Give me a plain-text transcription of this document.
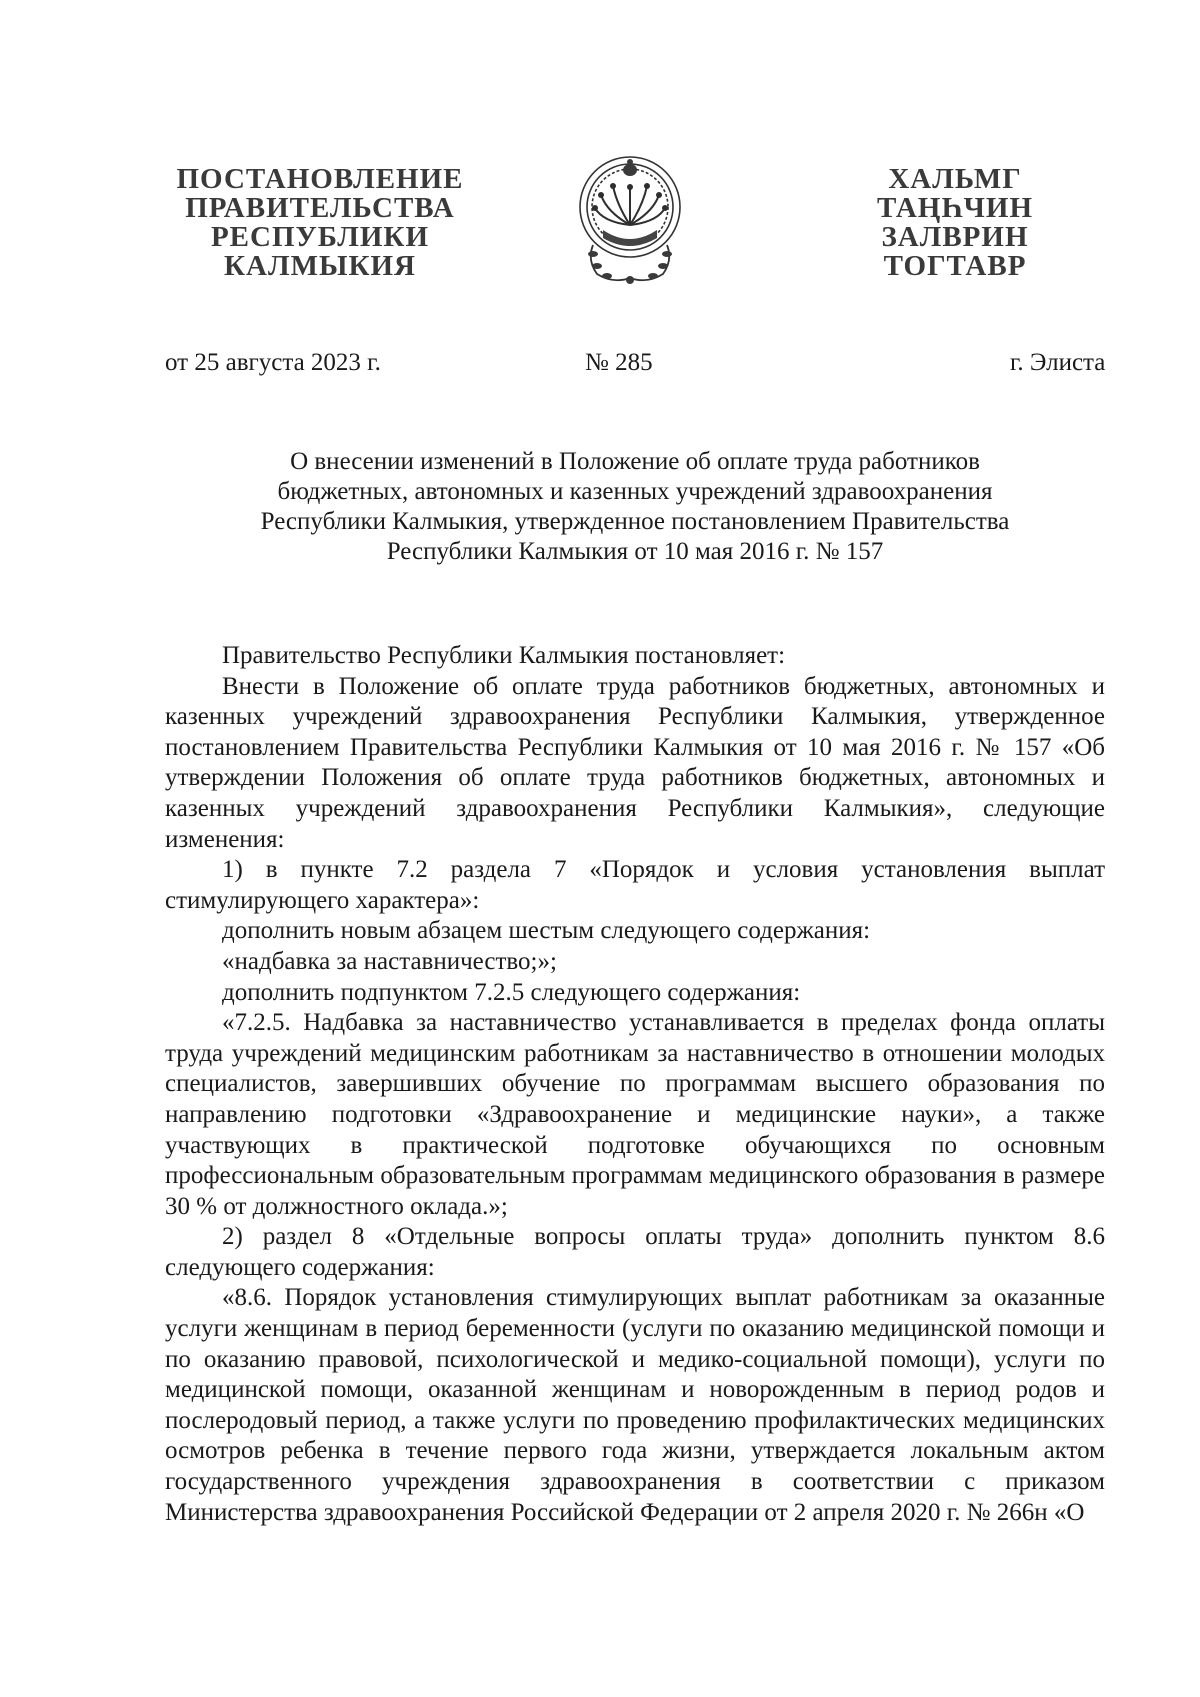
ПОСТАНОВЛЕНИЕ
ПРАВИТЕЛЬСТВА
РЕСПУБЛИКИ
КАЛМЫКИЯ
ХАЛЬМГ
ТАҢҺЧИН
ЗАЛВРИН
ТОГТАВР
от 25 августа 2023 г.	№ 285	г. Элиста
О внесении изменений в Положение об оплате труда работников
бюджетных, автономных и казенных учреждений здравоохранения
Республики Калмыкия, утвержденное постановлением Правительства
Республики Калмыкия от 10 мая 2016 г. № 157

Правительство Республики Калмыкия постановляет:

Внести в Положение об оплате труда работников бюджетных, автономных и казенных учреждений здравоохранения Республики Калмыкия, утвержденное постановлением Правительства Республики Калмыкия от 10 мая 2016 г. № 157 «Об утверждении Положения об оплате труда работников бюджетных, автономных и казенных учреждений здравоохранения Республики Калмыкия», следующие изменения:

1) в пункте 7.2 раздела 7 «Порядок и условия установления выплат стимулирующего характера»:

дополнить новым абзацем шестым следующего содержания:

«надбавка за наставничество;»;

дополнить подпунктом 7.2.5 следующего содержания:

«7.2.5. Надбавка за наставничество устанавливается в пределах фонда оплаты труда учреждений медицинским работникам за наставничество в отношении молодых специалистов, завершивших обучение по программам высшего образования по направлению подготовки «Здравоохранение и медицинские науки», а также участвующих в практической подготовке обучающихся по основным профессиональным образовательным программам медицинского образования в размере 30 % от должностного оклада.»;

2) раздел 8 «Отдельные вопросы оплаты труда» дополнить пунктом 8.6 следующего содержания:

«8.6. Порядок установления стимулирующих выплат работникам за оказанные услуги женщинам в период беременности (услуги по оказанию медицинской помощи и по оказанию правовой, психологической и медико-социальной помощи), услуги по медицинской помощи, оказанной женщинам и новорожденным в период родов и послеродовый период, а также услуги по проведению профилактических медицинских осмотров ребенка в течение первого года жизни, утверждается локальным актом государственного учреждения здравоохранения в соответствии с приказом Министерства здравоохранения Российской Федерации от 2 апреля 2020 г. № 266н «О
